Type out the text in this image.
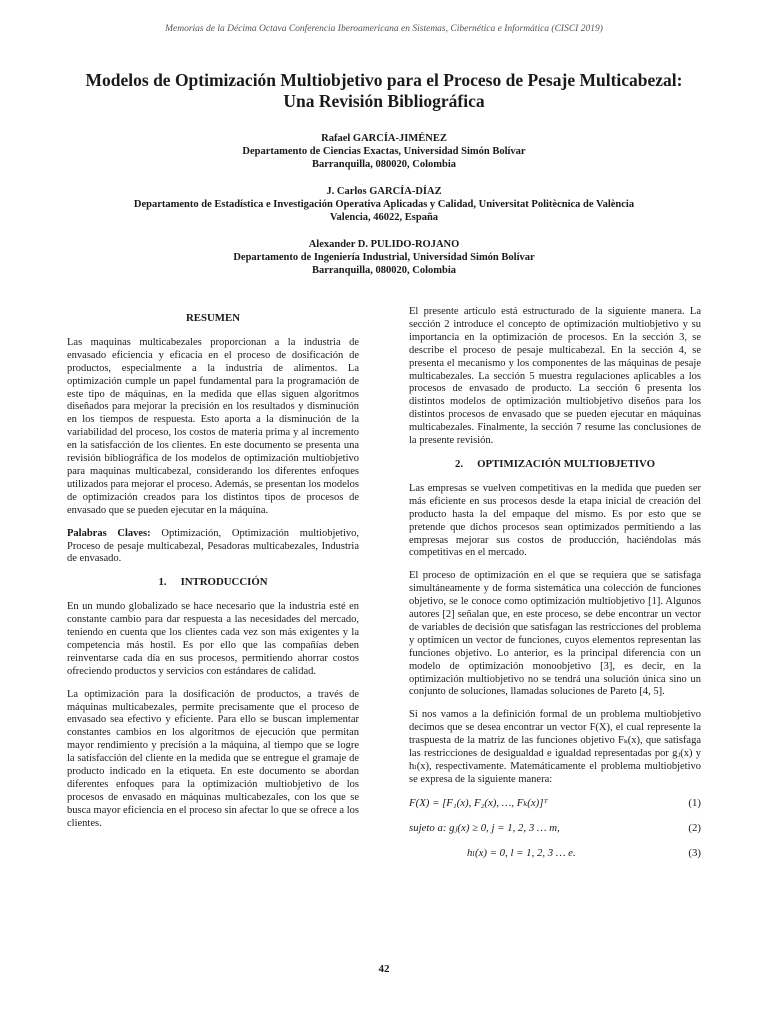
Memorias de la Décima Octava Conferencia Iberoamericana en Sistemas, Cibernética e Informática (CISCI 2019)
Modelos de Optimización Multiobjetivo para el Proceso de Pesaje Multicabezal:
Una Revisión Bibliográfica
Rafael GARCÍA-JIMÉNEZ
Departamento de Ciencias Exactas, Universidad Simón Bolívar
Barranquilla, 080020, Colombia
J. Carlos GARCÍA-DÍAZ
Departamento de Estadística e Investigación Operativa Aplicadas y Calidad, Universitat Politècnica de València
Valencia, 46022, España
Alexander D. PULIDO-ROJANO
Departamento de Ingeniería Industrial, Universidad Simón Bolívar
Barranquilla, 080020, Colombia
RESUMEN

Las maquinas multicabezales proporcionan a la industria de envasado eficiencia y eficacia en el proceso de dosificación de productos, especialmente a la industria de alimentos. La optimización cumple un papel fundamental para la programación de este tipo de máquinas, en la medida que ellas siguen algoritmos diseñados para mejorar la precisión en los resultados y disminución en los tiempos de respuesta. Esto aporta a la disminución de la variabilidad del proceso, los costos de materia prima y al incremento en la satisfacción de los clientes. En este documento se presenta una revisión bibliográfica de los modelos de optimización multiobjetivo para maquinas multicabezal, considerando los diferentes enfoques utilizados para mejorar el proceso. Además, se presentan los modelos de optimización creados para los distintos tipos de procesos de envasado que se pueden ejecutar en la máquina.

Palabras Claves: Optimización, Optimización multiobjetivo, Proceso de pesaje multicabezal, Pesadoras multicabezales, Industria de envasado.

1. INTRODUCCIÓN

En un mundo globalizado se hace necesario que la industria esté en constante cambio para dar respuesta a las necesidades del mercado, teniendo en cuenta que los clientes cada vez son más exigentes y la competencia más hostil. Es por ello que las compañías deben reinventarse cada día en sus procesos, permitiendo ahorrar costos ofreciendo productos y servicios con estándares de calidad.

La optimización para la dosificación de productos, a través de máquinas multicabezales, permite precisamente que el proceso de envasado sea efectivo y eficiente. Para ello se buscan implementar constantes cambios en los algoritmos de ejecución que permitan mayor rendimiento y precisión a la máquina, al tiempo que se logre la satisfacción del cliente en la medida que se entregue el gramaje de producto indicado en la etiqueta. En este documento se abordan diferentes enfoques para la optimización multiobjetivo de los procesos de envasado en máquinas multicabezales, con los que se busca mayor eficiencia en el proceso sin afectar lo que se ofrece a los clientes.

El presente artículo está estructurado de la siguiente manera. La sección 2 introduce el concepto de optimización multiobjetivo y su importancia en la optimización de procesos. En la sección 3, se describe el proceso de pesaje multicabezal. En la sección 4, se presenta el mecanismo y los componentes de las máquinas de pesaje multicabezales. La sección 5 muestra regulaciones aplicables a los procesos de envasado de producto. La sección 6 presenta los distintos modelos de optimización multiobjetivo diseños para los distintos procesos de envasado que se pueden ejecutar en máquinas multicabezales. Finalmente, la sección 7 resume las conclusiones de la presente revisión.

2. OPTIMIZACIÓN MULTIOBJETIVO

Las empresas se vuelven competitivas en la medida que pueden ser más eficiente en sus procesos desde la etapa inicial de creación del producto hasta la del empaque del mismo. Es por esto que se pretende que dichos procesos sean optimizados permitiendo a las empresas mejorar sus costos de producción, haciéndolas más competitivas en el mercado.

El proceso de optimización en el que se requiera que se satisfaga simultáneamente y de forma sistemática una colección de funciones objetivo, se le conoce como optimización multiobjetivo [1]. Algunos autores [2] señalan que, en este proceso, se debe encontrar un vector de variables de decisión que satisfagan las restricciones del problema y optimicen un vector de funciones, cuyos elementos representan las funciones objetivo. Lo anterior, es la principal diferencia con un modelo de optimización monoobjetivo [3], es decir, en la optimización multiobjetivo no se tendrá una solución única sino un conjunto de soluciones, llamadas soluciones de Pareto [4, 5].

Si nos vamos a la definición formal de un problema multiobjetivo decimos que se desea encontrar un vector F(X), el cual represente la traspuesta de la matriz de las funciones objetivo Fₖ(x), que satisfaga las restricciones de desigualdad e igualdad representadas por gⱼ(x) y hₗ(x), respectivamente. Matemáticamente el problema multiobjetivo se expresa de la siguiente manera:

F(X) = [F₁(x), F₂(x), …, Fₖ(x)]ᵀ	(1)
sujeto a: gⱼ(x) ≥ 0, j = 1, 2, 3 … m,	(2)
hₗ(x) = 0, l = 1, 2, 3 … e.	(3)
42
